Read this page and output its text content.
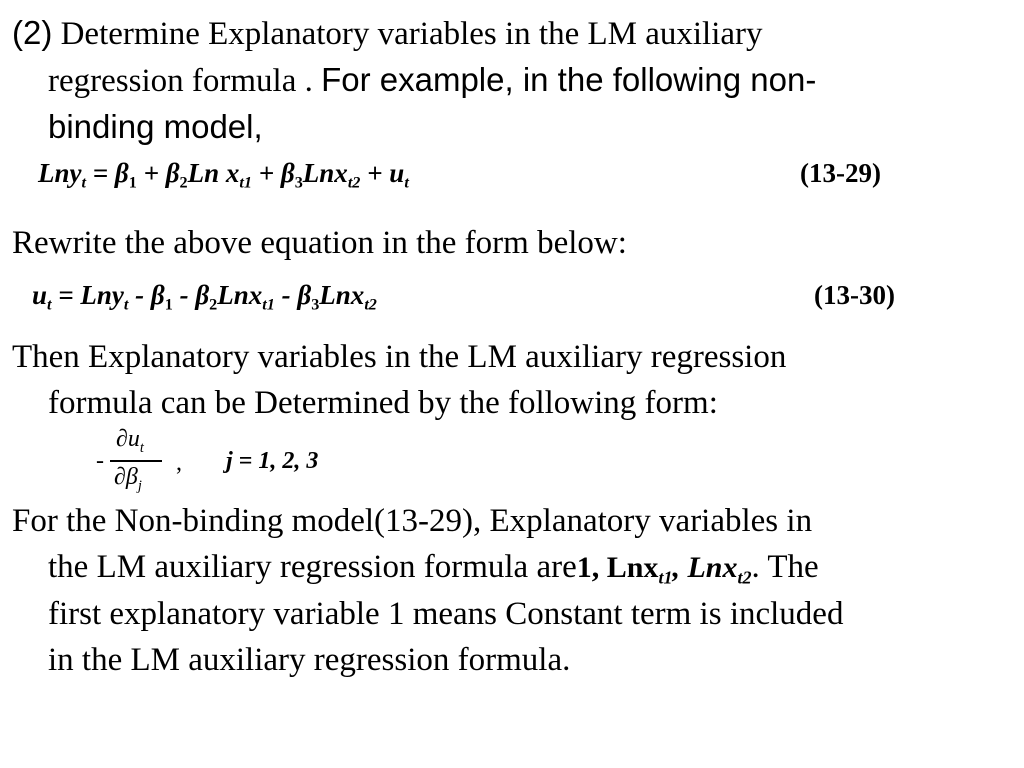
(2) Determine Explanatory variables in the LM auxiliary
regression formula . For example, in the following non-
binding model,
$Lny_t = \beta_1 + \beta_2Ln$ $x_{t1} + \beta_3Lnx_{t2} + u_t$	(13-29)
Rewrite the above equation in the form below:
$u_t = Lny_t - \beta_1 - \beta_2Lnx_{t1} - \beta_3Lnx_{t2}$	(13-30)
Then Explanatory variables in the LM auxiliary regression
formula can be Determined by the following form:
-
$\partial u_t$
$\partial\beta_j$
, j = 1, 2, 3
For the Non-binding model(13-29), Explanatory variables in
the LM auxiliary regression formula are1, Lnx$_{t1}$, Lnx$_{t2}$. The
first explanatory variable 1 means Constant term is included
in the LM auxiliary regression formula.
